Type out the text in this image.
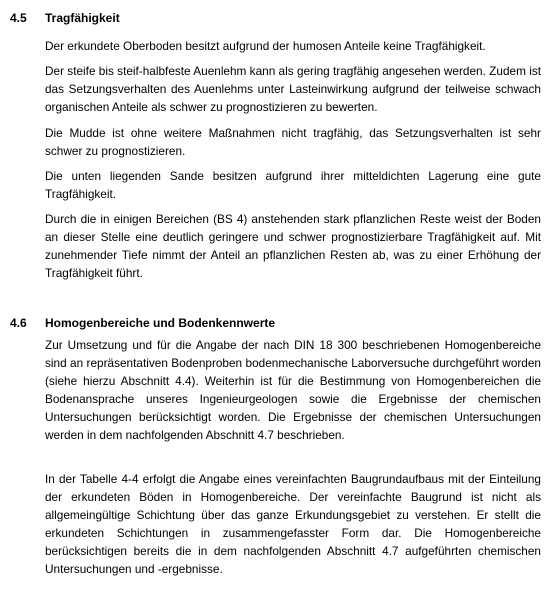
4.5 Tragfähigkeit

Der erkundete Oberboden besitzt aufgrund der humosen Anteile keine Tragfähigkeit.

Der steife bis steif-halbfeste Auenlehm kann als gering tragfähig angesehen werden. Zudem ist das Setzungsverhalten des Auenlehms unter Lasteinwirkung aufgrund der teilweise schwach organischen Anteile als schwer zu prognostizieren zu bewerten.

Die Mudde ist ohne weitere Maßnahmen nicht tragfähig, das Setzungsverhalten ist sehr schwer zu prognostizieren.

Die unten liegenden Sande besitzen aufgrund ihrer mitteldichten Lagerung eine gute Tragfähigkeit.

Durch die in einigen Bereichen (BS 4) anstehenden stark pflanzlichen Reste weist der Boden an dieser Stelle eine deutlich geringere und schwer prognostizierbare Tragfähigkeit auf. Mit zunehmender Tiefe nimmt der Anteil an pflanzlichen Resten ab, was zu einer Erhöhung der Tragfähigkeit führt.

4.6 Homogenbereiche und Bodenkennwerte

Zur Umsetzung und für die Angabe der nach DIN 18 300 beschriebenen Homogenbereiche sind an repräsentativen Bodenproben bodenmechanische Laborversuche durchgeführt worden (siehe hierzu Abschnitt 4.4). Weiterhin ist für die Bestimmung von Homogenbereichen die Bodenansprache unseres Ingenieurgeologen sowie die Ergebnisse der chemischen Untersuchungen berücksichtigt worden. Die Ergebnisse der chemischen Untersuchungen werden in dem nachfolgenden Abschnitt 4.7 beschrieben.

In der Tabelle 4-4 erfolgt die Angabe eines vereinfachten Baugrundaufbaus mit der Einteilung der erkundeten Böden in Homogenbereiche. Der vereinfachte Baugrund ist nicht als allgemeingültige Schichtung über das ganze Erkundungsgebiet zu verstehen. Er stellt die erkundeten Schichtungen in zusammengefasster Form dar. Die Homogenbereiche berücksichtigen bereits die in dem nachfolgenden Abschnitt 4.7 aufgeführten chemischen Untersuchungen und -ergebnisse.
